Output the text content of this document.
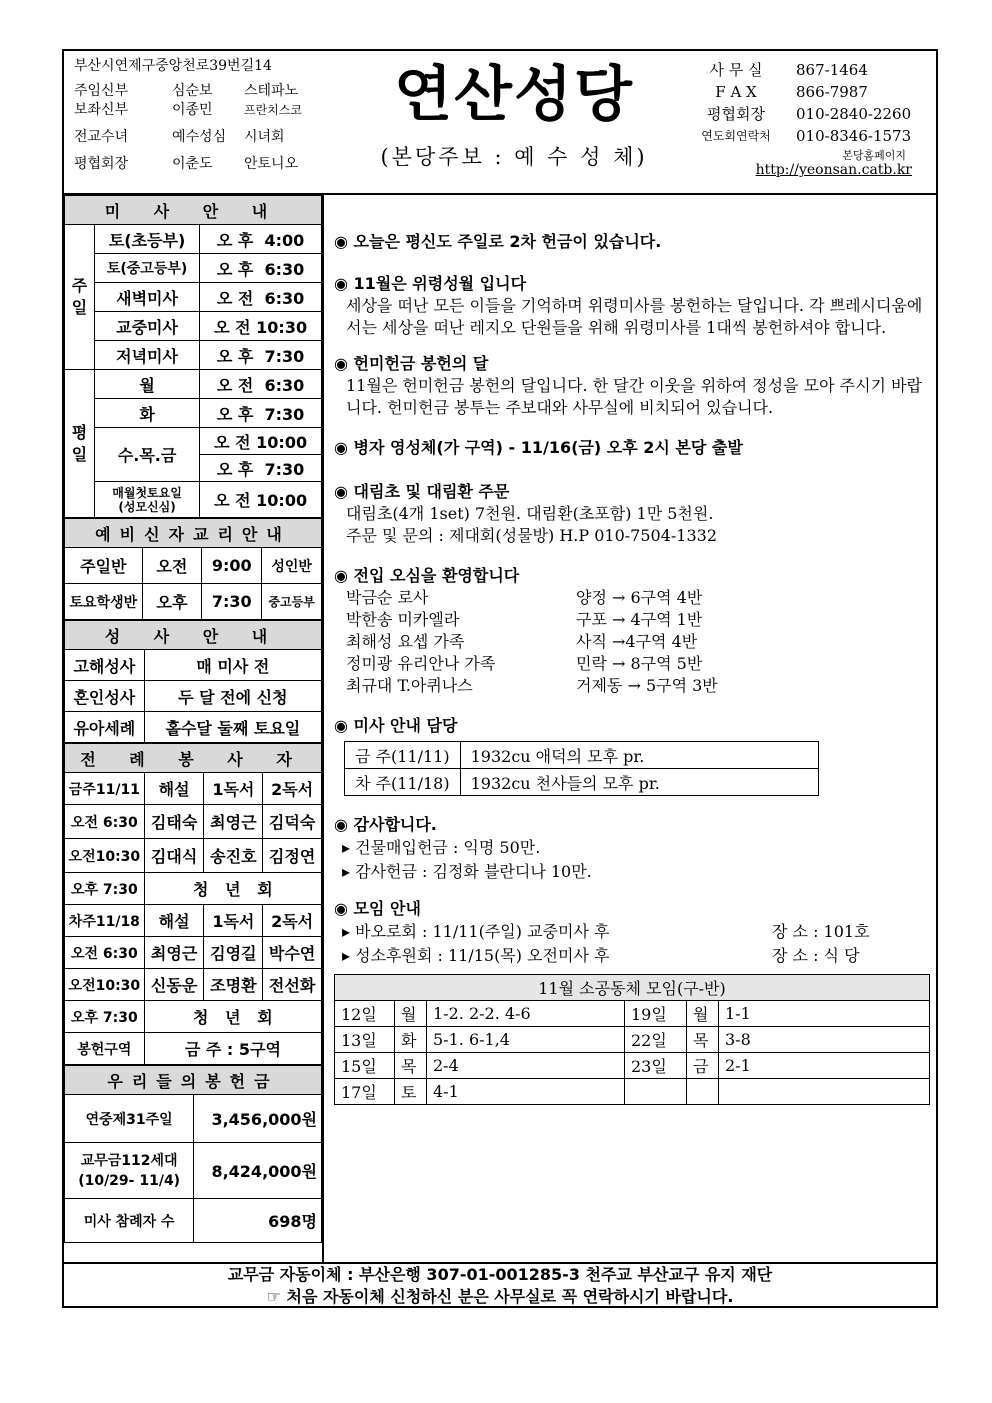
부산시연제구중앙천로39번길14
주임신부	심순보	스테파노
보좌신부	이종민	프란치스코
전교수녀	예수성심	시녀회
평협회장	이춘도	안토니오
연산성당
(본당주보 : 예 수 성 체)
사 무 실	867-1464
F A X	866-7987
평협회장	010-2840-2260
연도회연락처	010-8346-1573
본당홈페이지
http://yeonsan.catb.kr
미 사 안 내		
주일	토(초등부)	오 후  4:00
	토(중고등부)	오 후  6:30
	새벽미사	오 전  6:30
	교중미사	오 전 10:30
	저녁미사	오 후  7:30
평일	월	오 전  6:30
	화	오 후  7:30
	수.목.금	오 전 10:00
		오 후  7:30
	매월첫토요일
(성모신심)	오 전 10:00
예비신자교리안내			
주일반	오전	9:00	성인반
토요학생반	오후	7:30	중고등부
성 사 안 내	
고해성사	매 미사 전
혼인성사	두 달 전에 신청
유아세례	홀수달 둘째 토요일
전 례 봉 사 자			
금주11/11	해설	1독서	2독서
오전 6:30	김태숙	최영근	김덕숙
오전10:30	김대식	송진호	김정연
오후 7:30	청   년   회		
차주11/18	해설	1독서	2독서
오전 6:30	최영근	김영길	박수연
오전10:30	신동운	조명환	전선화
오후 7:30	청   년   회		
봉헌구역	금 주 : 5구역		
우리들의봉헌금	
연중제31주일	3,456,000원
교무금112세대
(10/29- 11/4)	8,424,000원
미사 참례자 수	698명
◉ 오늘은 평신도 주일로 2차 헌금이 있습니다.
◉ 11월은 위령성월 입니다
세상을 떠난 모든 이들을 기억하며 위령미사를 봉헌하는 달입니다. 각 쁘레시디움에서는 세상을 떠난 레지오 단원들을 위해 위령미사를 1대씩 봉헌하셔야 합니다.
◉ 헌미헌금 봉헌의 달
11월은 헌미헌금 봉헌의 달입니다. 한 달간 이웃을 위하여 정성을 모아 주시기 바랍니다. 헌미헌금 봉투는 주보대와 사무실에 비치되어 있습니다.
◉ 병자 영성체(가 구역) - 11/16(금) 오후 2시 본당 출발
◉ 대림초 및 대림환 주문
대림초(4개 1set) 7천원. 대림환(초포함) 1만 5천원.
주문 및 문의 : 제대회(성물방) H.P 010-7504-1332
◉ 전입 오심을 환영합니다
박금순 로사	양정 → 6구역 4반
박한송 미카엘라	구포 → 4구역 1반
최해성 요셉 가족	사직 →4구역 4반
정미광 유리안나 가족	민락 → 8구역 5반
최규대 T.아퀴나스	거제동 → 5구역 3반
◉ 미사 안내 담당
금 주(11/11)	1932cu 애덕의 모후 pr.
차 주(11/18)	1932cu 천사들의 모후 pr.
◉ 감사합니다.
▸ 건물매입헌금 : 익명 50만.
▸ 감사헌금 : 김정화 블란디나 10만.
◉ 모임 안내
▸ 바오로회 : 11/11(주일) 교중미사 후	장 소 : 101호
▸ 성소후원회 : 11/15(목) 오전미사 후	장 소 : 식 당
11월 소공동체 모임(구-반)					
12일	월	1-2. 2-2. 4-6	19일	월	1-1
13일	화	5-1. 6-1,4	22일	목	3-8
15일	목	2-4	23일	금	2-1
17일	토	4-1			
교무금 자동이체 : 부산은행 307-01-001285-3 천주교 부산교구 유지 재단
☞ 처음 자동이체 신청하신 분은 사무실로 꼭 연락하시기 바랍니다.
